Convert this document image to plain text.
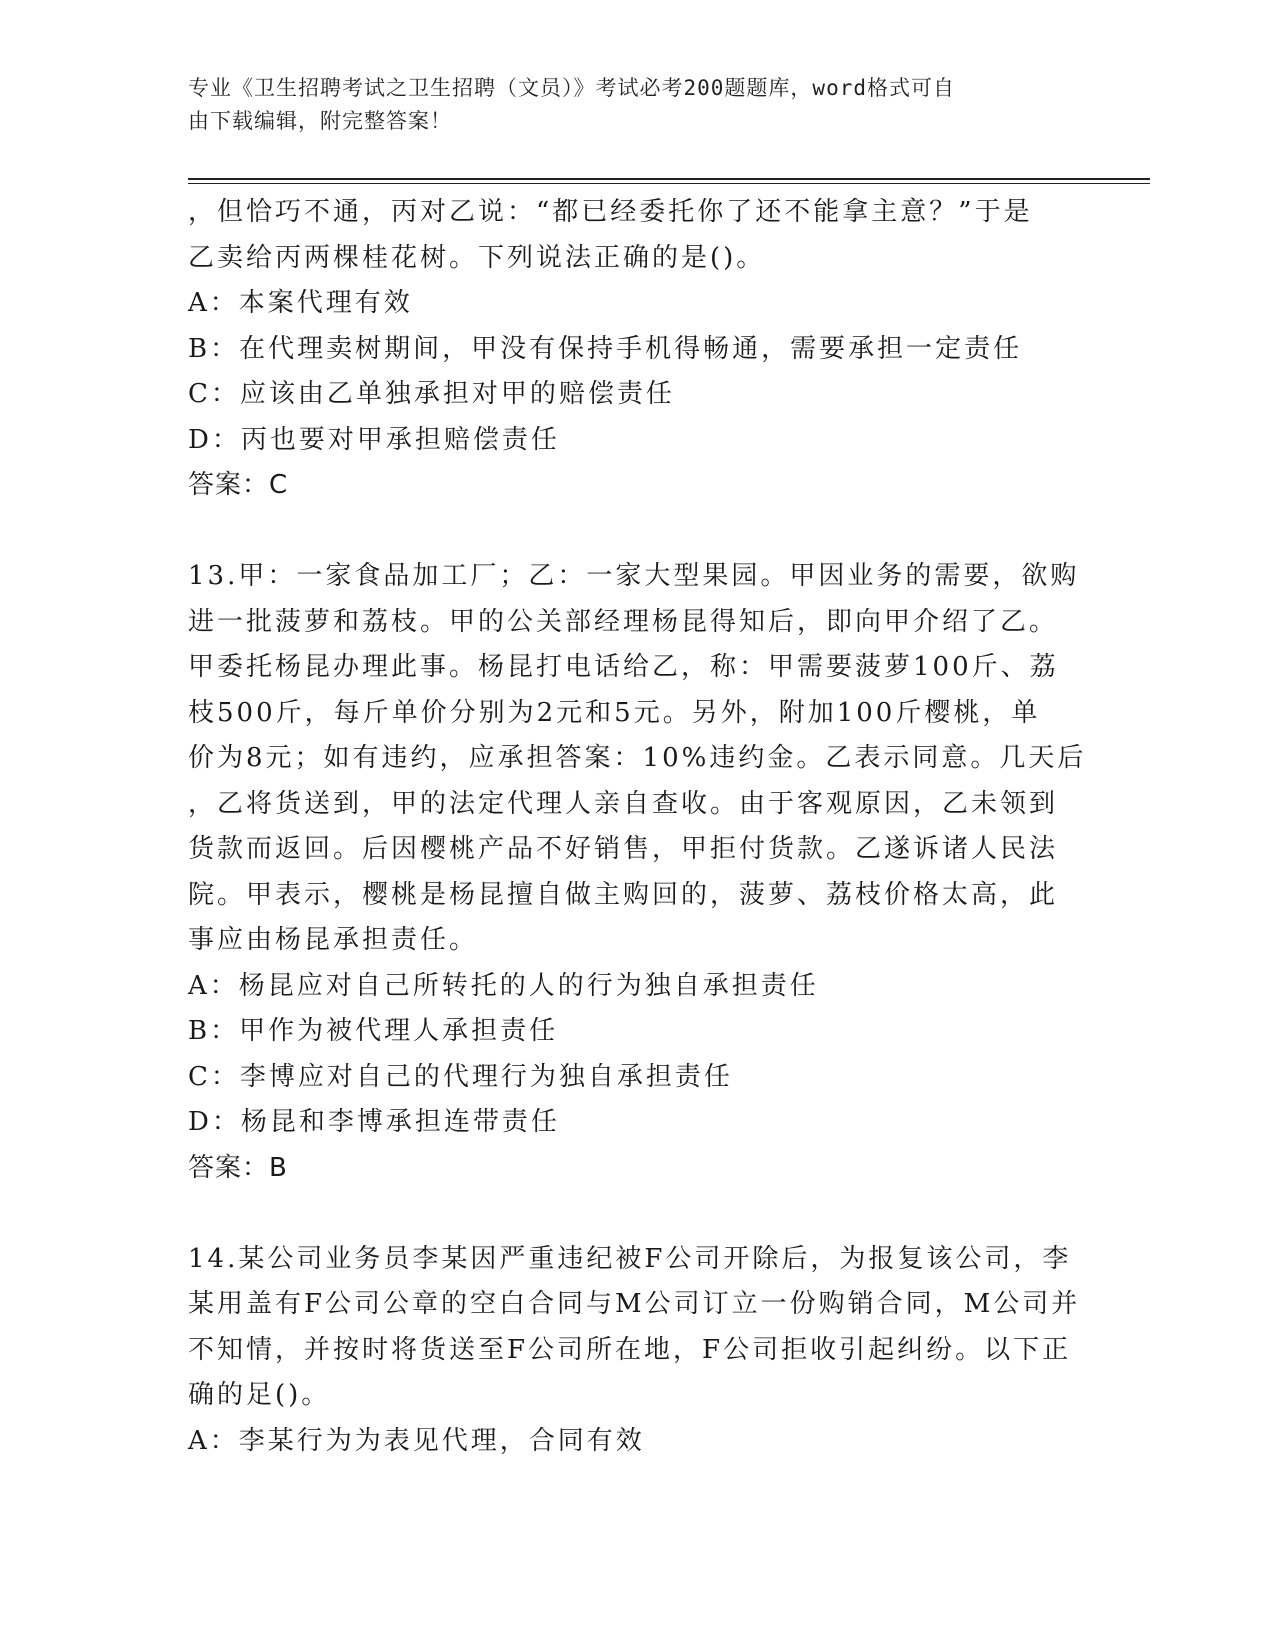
专业《卫生招聘考试之卫生招聘（文员）》考试必考200题题库，word格式可自
由下载编辑，附完整答案！
，但恰巧不通，丙对乙说：“都已经委托你了还不能拿主意？”于是
乙卖给丙两棵桂花树。下列说法正确的是()。
A：本案代理有效
B：在代理卖树期间，甲没有保持手机得畅通，需要承担一定责任
C：应该由乙单独承担对甲的赔偿责任
D：丙也要对甲承担赔偿责任
答案：C
13.甲：一家食品加工厂；乙：一家大型果园。甲因业务的需要，欲购
进一批菠萝和荔枝。甲的公关部经理杨昆得知后，即向甲介绍了乙。
甲委托杨昆办理此事。杨昆打电话给乙，称：甲需要菠萝100斤、荔
枝500斤，每斤单价分别为2元和5元。另外，附加100斤樱桃，单
价为8元；如有违约，应承担答案：10%违约金。乙表示同意。几天后
，乙将货送到，甲的法定代理人亲自查收。由于客观原因，乙未领到
货款而返回。后因樱桃产品不好销售，甲拒付货款。乙遂诉诸人民法
院。甲表示，樱桃是杨昆擅自做主购回的，菠萝、荔枝价格太高，此
事应由杨昆承担责任。
A：杨昆应对自己所转托的人的行为独自承担责任
B：甲作为被代理人承担责任
C：李博应对自己的代理行为独自承担责任
D：杨昆和李博承担连带责任
答案：B
14.某公司业务员李某因严重违纪被F公司开除后，为报复该公司，李
某用盖有F公司公章的空白合同与M公司订立一份购销合同，M公司并
不知情，并按时将货送至F公司所在地，F公司拒收引起纠纷。以下正
确的足()。
A：李某行为为表见代理，合同有效
